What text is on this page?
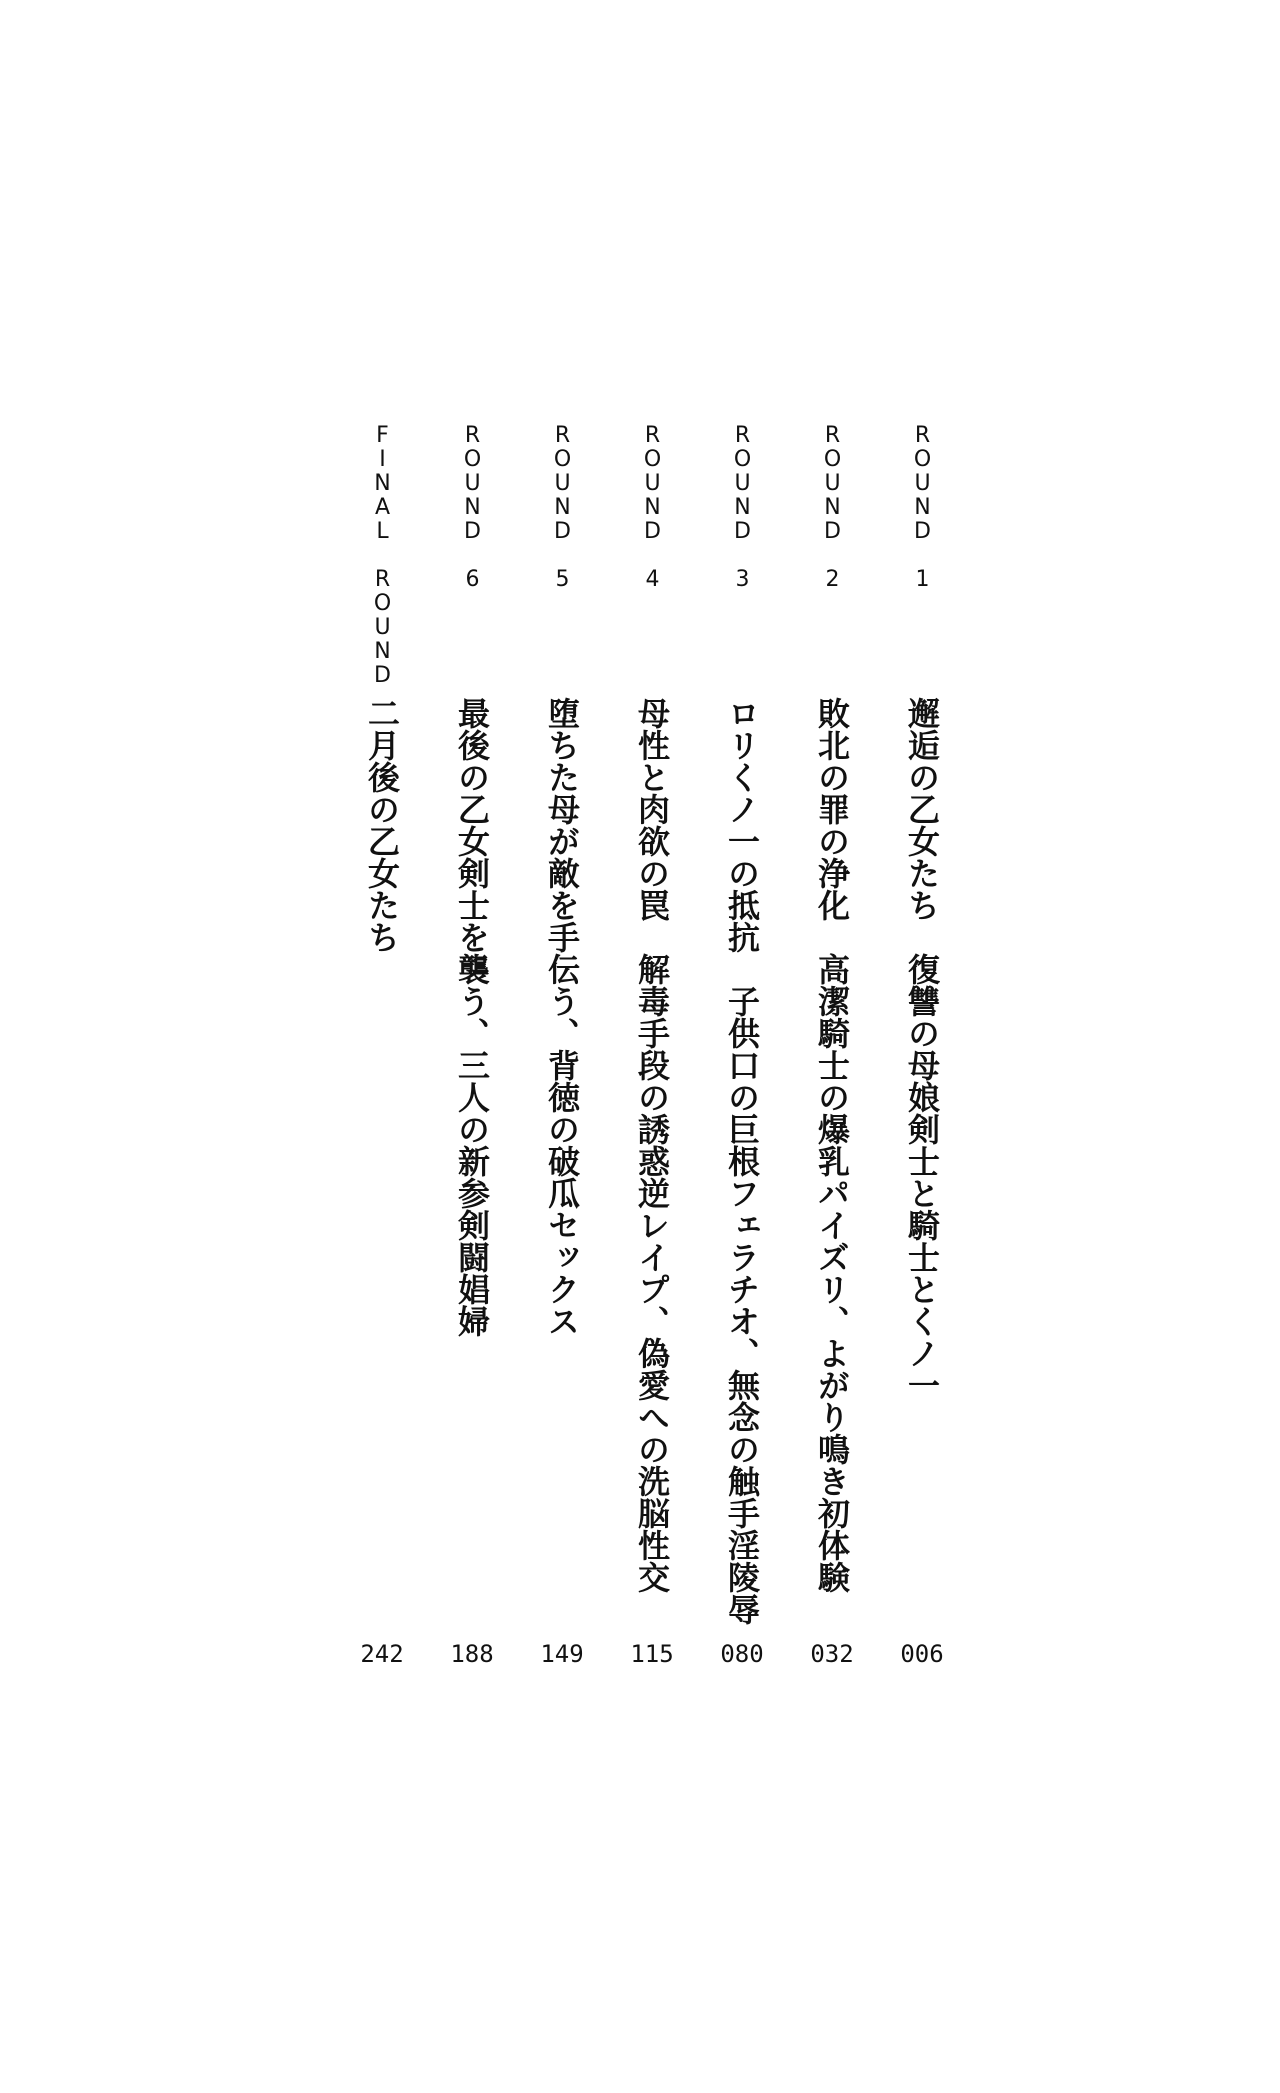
ROUND 1
邂逅の乙女たち　復讐の母娘剣士と騎士とくノ一
006
ROUND 2
敗北の罪の浄化　高潔騎士の爆乳パイズリ、よがり鳴き初体験
032
ROUND 3
ロリくノ一の抵抗　子供口の巨根フェラチオ、無念の触手淫陵辱
080
ROUND 4
母性と肉欲の罠　解毒手段の誘惑逆レイプ、偽愛への洗脳性交
115
ROUND 5
堕ちた母が敵を手伝う、背徳の破瓜セックス
149
ROUND 6
最後の乙女剣士を襲う、三人の新参剣闘娼婦
188
FINAL ROUND
二月後の乙女たち
242
